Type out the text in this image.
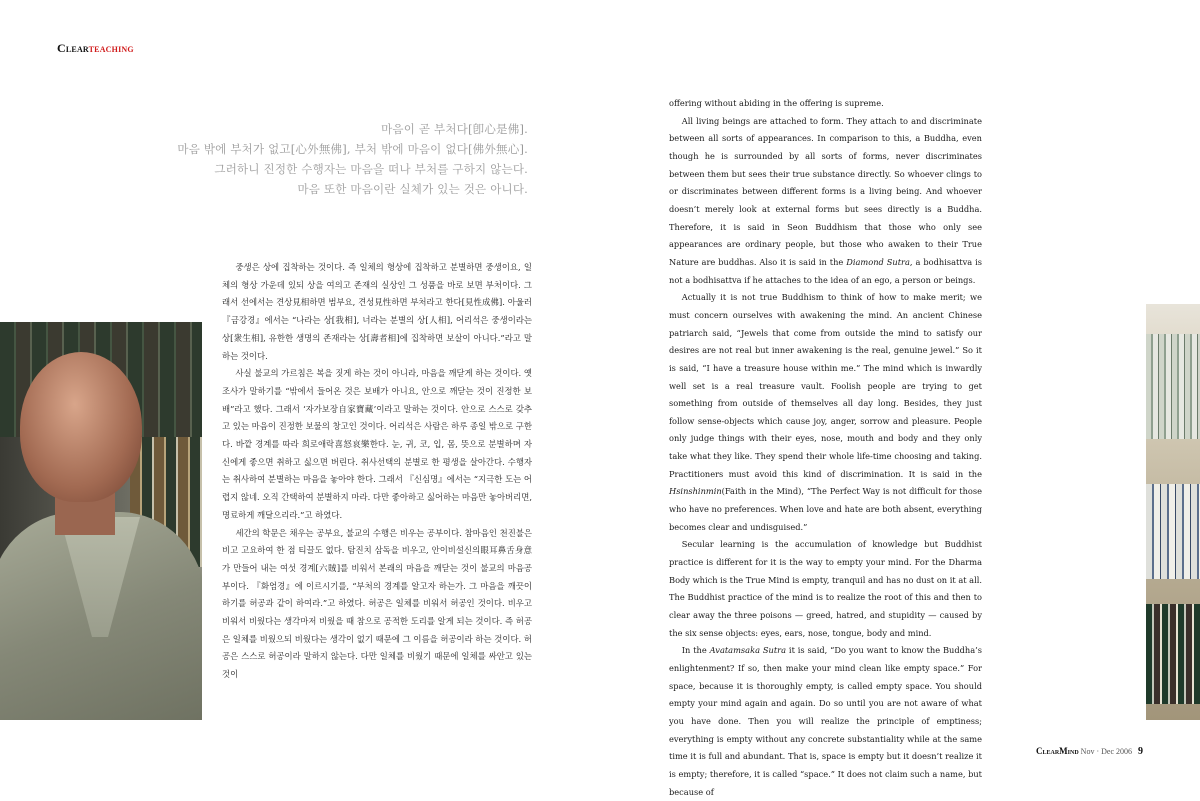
Clearteaching

마음이 곧 부처다[卽心是佛].

마음 밖에 부처가 없고[心外無佛], 부처 밖에 마음이 없다[佛外無心].

그러하니 진정한 수행자는 마음을 떠나 부처를 구하지 않는다.

마음 또한 마음이란 실체가 있는 것은 아니다.

중생은 상에 집착하는 것이다. 즉 일체의 형상에 집착하고 분별하면 중생이요, 일체의 형상 가운데 있되 상을 여의고 존재의 실상인 그 성품을 바로 보면 부처이다. 그래서 선에서는 견상見相하면 범부요, 견성見性하면 부처라고 한다[見性成佛]. 아울러 『금강경』에서는 “나라는 상[我相], 너라는 분별의 상[人相], 어리석은 중생이라는 상[衆生相], 유한한 생명의 존재라는 상[壽者相]에 집착하면 보살이 아니다.”라고 말하는 것이다.

사실 불교의 가르침은 복을 짓게 하는 것이 아니라, 마음을 깨닫게 하는 것이다. 옛 조사가 말하기를 “밖에서 들어온 것은 보배가 아니요, 안으로 깨닫는 것이 진정한 보배”라고 했다. 그래서 ‘자가보장自家寶藏’이라고 말하는 것이다. 안으로 스스로 갖추고 있는 마음이 진정한 보물의 창고인 것이다. 어리석은 사람은 하루 종일 밖으로 구한다. 바깥 경계를 따라 희로애락喜怒哀樂한다. 눈, 귀, 코, 입, 몸, 뜻으로 분별하며 자신에게 좋으면 취하고 싫으면 버린다. 취사선택의 분별로 한 평생을 살아간다. 수행자는 취사하여 분별하는 마음을 놓아야 한다. 그래서 『신심명』에서는 “지극한 도는 어렵지 않네. 오직 간택하여 분별하지 마라. 다만 좋아하고 싫어하는 마음만 놓아버리면, 명료하게 깨달으리라.”고 하였다.

세간의 학문은 채우는 공부요, 불교의 수행은 비우는 공부이다. 참마음인 천진불은 비고 고요하여 한 점 티끌도 없다. 탐진치 삼독을 비우고, 안이비설신의眼耳鼻舌身意가 만들어 내는 여섯 경계[六賊]를 비워서 본래의 마음을 깨닫는 것이 불교의 마음공부이다. 『화엄경』에 이르시기를, “부처의 경계를 알고자 하는가. 그 마음을 깨끗이 하기를 허공과 같이 하여라.”고 하였다. 허공은 일체를 비워서 허공인 것이다. 비우고 비워서 비웠다는 생각마저 비웠을 때 참으로 공적한 도리를 알게 되는 것이다. 즉 허공은 일체를 비웠으되 비웠다는 생각이 없기 때문에 그 이름을 허공이라 하는 것이다. 허공은 스스로 허공이라 말하지 않는다. 다만 일체를 비웠기 때문에 일체를 싸안고 있는 것이

offering without abiding in the offering is supreme.

All living beings are attached to form. They attach to and discriminate between all sorts of appearances. In comparison to this, a Buddha, even though he is surrounded by all sorts of forms, never discriminates between them but sees their true substance directly. So whoever clings to or discriminates between different forms is a living being. And whoever doesn’t merely look at external forms but sees directly is a Buddha. Therefore, it is said in Seon Buddhism that those who only see appearances are ordinary people, but those who awaken to their True Nature are buddhas. Also it is said in the Diamond Sutra, a bodhisattva is not a bodhisattva if he attaches to the idea of an ego, a person or beings.

Actually it is not true Buddhism to think of how to make merit; we must concern ourselves with awakening the mind. An ancient Chinese patriarch said, “Jewels that come from outside the mind to satisfy our desires are not real but inner awakening is the real, genuine jewel.” So it is said, “I have a treasure house within me.” The mind which is inwardly well set is a real treasure vault. Foolish people are trying to get something from outside of themselves all day long. Besides, they just follow sense-objects which cause joy, anger, sorrow and pleasure. People only judge things with their eyes, nose, mouth and body and they only take what they like. They spend their whole life-time choosing and taking. Practitioners must avoid this kind of discrimination. It is said in the Hsinshinmin(Faith in the Mind), “The Perfect Way is not difficult for those who have no preferences. When love and hate are both absent, everything becomes clear and undisguised.”

Secular learning is the accumulation of knowledge but Buddhist practice is different for it is the way to empty your mind. For the Dharma Body which is the True Mind is empty, tranquil and has no dust on it at all. The Buddhist practice of the mind is to realize the root of this and then to clear away the three poisons — greed, hatred, and stupidity — caused by the six sense objects: eyes, ears, nose, tongue, body and mind.

In the Avatamsaka Sutra it is said, “Do you want to know the Buddha’s enlightenment? If so, then make your mind clean like empty space.” For space, because it is thoroughly empty, is called empty space. You should empty your mind again and again. Do so until you are not aware of what you have done. Then you will realize the principle of emptiness; everything is empty without any concrete substantiality while at the same time it is full and abundant. That is, space is empty but it doesn’t realize it is empty; therefore, it is called “space.” It does not claim such a name, but because of

ClearMind Nov · Dec 2006 9
